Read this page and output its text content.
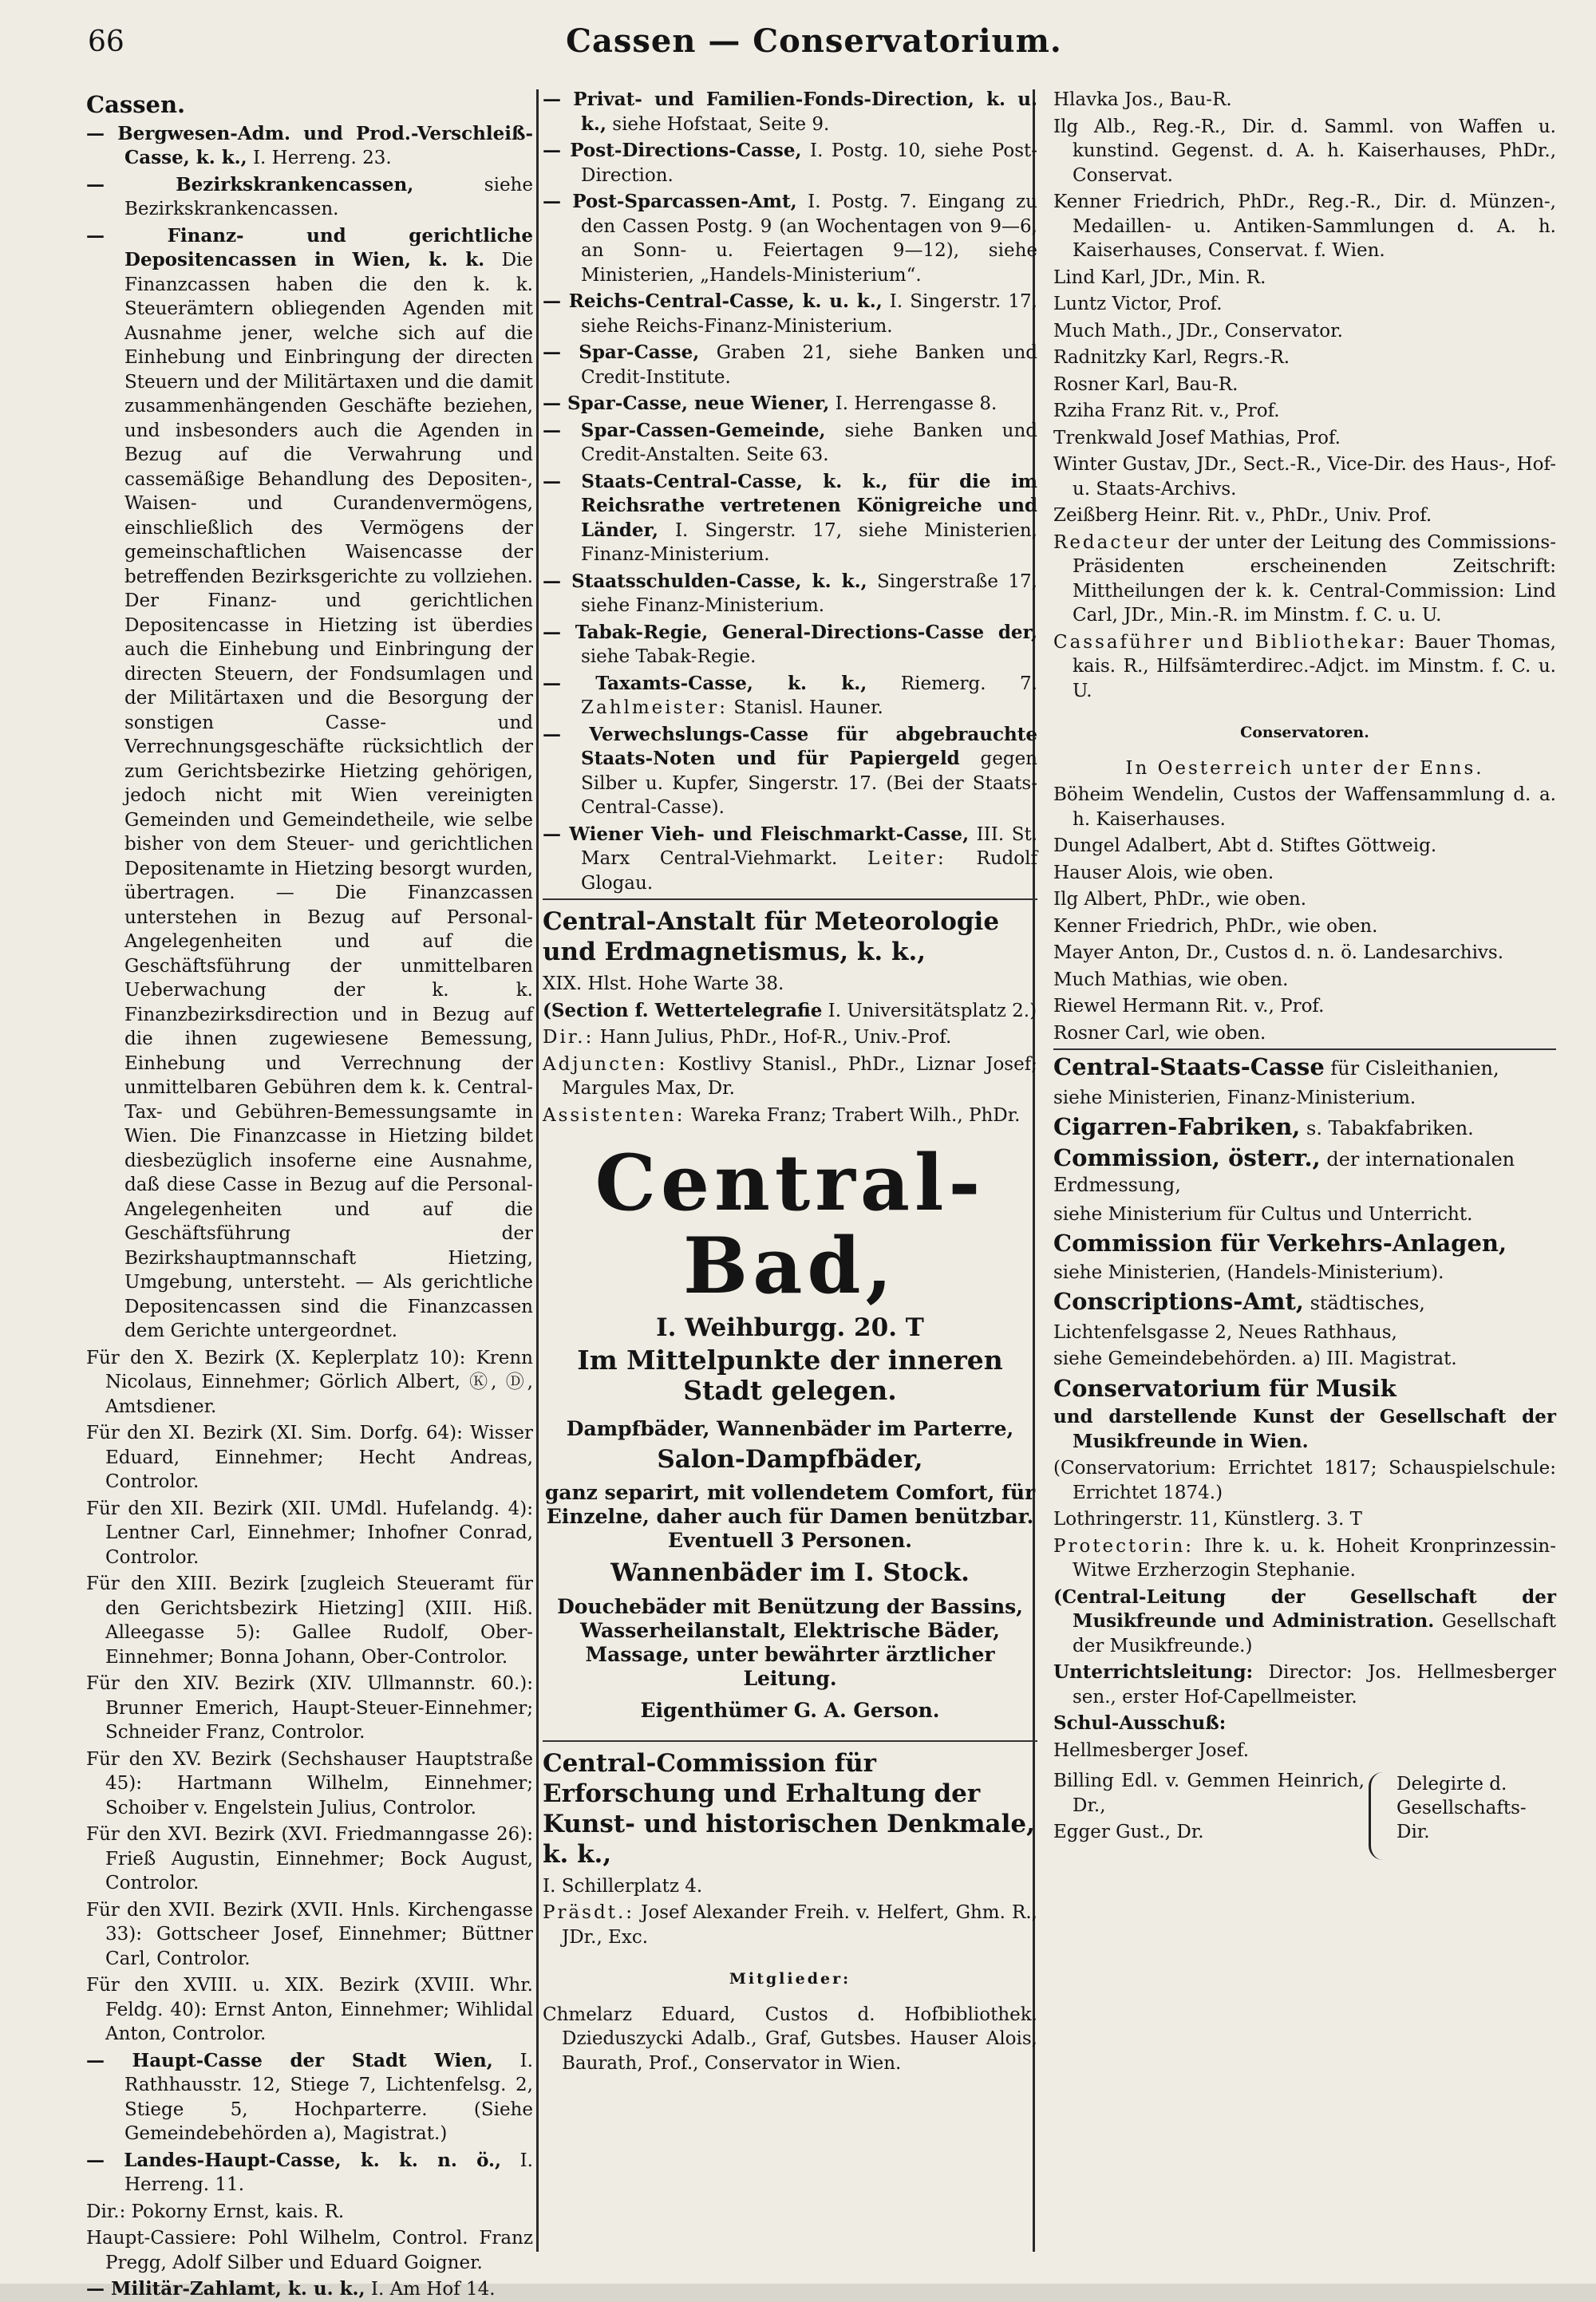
66	Cassen — Conservatorium.
Cassen.

— Bergwesen-Adm. und Prod.-Verschleiß-Casse, k. k., I. Herreng. 23.

— Bezirkskrankencassen, siehe Bezirkskrankencassen.

— Finanz- und gerichtliche Depositencassen in Wien, k. k. Die Finanzcassen haben die den k. k. Steuerämtern obliegenden Agenden mit Ausnahme jener, welche sich auf die Einhebung und Einbringung der directen Steuern und der Militärtaxen und die damit zusammenhängenden Geschäfte beziehen, und insbesonders auch die Agenden in Bezug auf die Verwahrung und cassemäßige Behandlung des Depositen-, Waisen- und Curandenvermögens, einschließlich des Vermögens der gemeinschaftlichen Waisencasse der betreffenden Bezirksgerichte zu vollziehen. Der Finanz- und gerichtlichen Depositencasse in Hietzing ist überdies auch die Einhebung und Einbringung der directen Steuern, der Fondsumlagen und der Militärtaxen und die Besorgung der sonstigen Casse- und Verrechnungsgeschäfte rücksichtlich der zum Gerichtsbezirke Hietzing gehörigen, jedoch nicht mit Wien vereinigten Gemeinden und Gemeindetheile, wie selbe bisher von dem Steuer- und gerichtlichen Depositenamte in Hietzing besorgt wurden, übertragen. — Die Finanzcassen unterstehen in Bezug auf Personal-Angelegenheiten und auf die Geschäftsführung der unmittelbaren Ueberwachung der k. k. Finanzbezirksdirection und in Bezug auf die ihnen zugewiesene Bemessung, Einhebung und Verrechnung der unmittelbaren Gebühren dem k. k. Central-Tax- und Gebühren-Bemessungsamte in Wien. Die Finanzcasse in Hietzing bildet diesbezüglich insoferne eine Ausnahme, daß diese Casse in Bezug auf die Personal-Angelegenheiten und auf die Geschäftsführung der Bezirkshauptmannschaft Hietzing, Umgebung, untersteht. — Als gerichtliche Depositencassen sind die Finanzcassen dem Gerichte untergeordnet.

Für den X. Bezirk (X. Keplerplatz 10): Krenn Nicolaus, Einnehmer; Görlich Albert, Ⓚ, Ⓓ, Amtsdiener.

Für den XI. Bezirk (XI. Sim. Dorfg. 64): Wisser Eduard, Einnehmer; Hecht Andreas, Controlor.

Für den XII. Bezirk (XII. UMdl. Hufelandg. 4): Lentner Carl, Einnehmer; Inhofner Conrad, Controlor.

Für den XIII. Bezirk [zugleich Steueramt für den Gerichtsbezirk Hietzing] (XIII. Hiß. Alleegasse 5): Gallee Rudolf, Ober-Einnehmer; Bonna Johann, Ober-Controlor.

Für den XIV. Bezirk (XIV. Ullmannstr. 60.): Brunner Emerich, Haupt-Steuer-Einnehmer; Schneider Franz, Controlor.

Für den XV. Bezirk (Sechshauser Hauptstraße 45): Hartmann Wilhelm, Einnehmer; Schoiber v. Engelstein Julius, Controlor.

Für den XVI. Bezirk (XVI. Friedmanngasse 26): Frieß Augustin, Einnehmer; Bock August, Controlor.

Für den XVII. Bezirk (XVII. Hnls. Kirchengasse 33): Gottscheer Josef, Einnehmer; Büttner Carl, Controlor.

Für den XVIII. u. XIX. Bezirk (XVIII. Whr. Feldg. 40): Ernst Anton, Einnehmer; Wihlidal Anton, Controlor.

— Haupt-Casse der Stadt Wien, I. Rathhausstr. 12, Stiege 7, Lichtenfelsg. 2, Stiege 5, Hochparterre. (Siehe Gemeindebehörden a), Magistrat.)

— Landes-Haupt-Casse, k. k. n. ö., I. Herreng. 11.

Dir.: Pokorny Ernst, kais. R.

Haupt-Cassiere: Pohl Wilhelm, Control. Franz Pregg, Adolf Silber und Eduard Goigner.

— Militär-Zahlamt, k. u. k., I. Am Hof 14.

— Privat- und Familien-Fonds-Direction, k. u. k., siehe Hofstaat, Seite 9.

— Post-Directions-Casse, I. Postg. 10, siehe Post-Direction.

— Post-Sparcassen-Amt, I. Postg. 7. Eingang zu den Cassen Postg. 9 (an Wochentagen von 9—6, an Sonn- u. Feiertagen 9—12), siehe Ministerien, „Handels-Ministerium“.

— Reichs-Central-Casse, k. u. k., I. Singerstr. 17, siehe Reichs-Finanz-Ministerium.

— Spar-Casse, Graben 21, siehe Banken und Credit-Institute.

— Spar-Casse, neue Wiener, I. Herrengasse 8.

— Spar-Cassen-Gemeinde, siehe Banken und Credit-Anstalten. Seite 63.

— Staats-Central-Casse, k. k., für die im Reichsrathe vertretenen Königreiche und Länder, I. Singerstr. 17, siehe Ministerien, Finanz-Ministerium.

— Staatsschulden-Casse, k. k., Singerstraße 17, siehe Finanz-Ministerium.

— Tabak-Regie, General-Directions-Casse der, siehe Tabak-Regie.

— Taxamts-Casse, k. k., Riemerg. 7. Zahlmeister: Stanisl. Hauner.

— Verwechslungs-Casse für abgebrauchte Staats-Noten und für Papiergeld gegen Silber u. Kupfer, Singerstr. 17. (Bei der Staats-Central-Casse).

— Wiener Vieh- und Fleischmarkt-Casse, III. St. Marx Central-Viehmarkt. Leiter: Rudolf Glogau.

Central-Anstalt für Meteorologie und Erdmagnetismus, k. k.,

XIX. Hlst. Hohe Warte 38.

(Section f. Wettertelegrafie I. Universitätsplatz 2.)

Dir.: Hann Julius, PhDr., Hof-R., Univ.-Prof.

Adjuncten: Kostlivy Stanisl., PhDr., Liznar Josef; Margules Max, Dr.

Assistenten: Wareka Franz; Trabert Wilh., PhDr.

Central-Bad,
I. Weihburgg. 20. T
Im Mittelpunkte der inneren Stadt gelegen.
Dampfbäder, Wannenbäder im Parterre,
Salon-Dampfbäder,
ganz separirt, mit vollendetem Comfort, für Einzelne, daher auch für Damen benützbar. Eventuell 3 Personen.
Wannenbäder im I. Stock.
Douchebäder mit Benützung der Bassins, Wasserheilanstalt, Elektrische Bäder, Massage, unter bewährter ärztlicher Leitung.
Eigenthümer G. A. Gerson.
Central-Commission für Erforschung und Erhaltung der Kunst- und historischen Denkmale, k. k.,

I. Schillerplatz 4.

Präsdt.: Josef Alexander Freih. v. Helfert, Ghm. R., JDr., Exc.

Mitglieder:

Chmelarz Eduard, Custos d. Hofbibliothek. Dzieduszycki Adalb., Graf, Gutsbes. Hauser Alois, Baurath, Prof., Conservator in Wien.

Hlavka Jos., Bau-R.

Ilg Alb., Reg.-R., Dir. d. Samml. von Waffen u. kunstind. Gegenst. d. A. h. Kaiserhauses, PhDr., Conservat.

Kenner Friedrich, PhDr., Reg.-R., Dir. d. Münzen-, Medaillen- u. Antiken-Sammlungen d. A. h. Kaiserhauses, Conservat. f. Wien.

Lind Karl, JDr., Min. R.

Luntz Victor, Prof.

Much Math., JDr., Conservator.

Radnitzky Karl, Regrs.-R.

Rosner Karl, Bau-R.

Rziha Franz Rit. v., Prof.

Trenkwald Josef Mathias, Prof.

Winter Gustav, JDr., Sect.-R., Vice-Dir. des Haus-, Hof- u. Staats-Archivs.

Zeißberg Heinr. Rit. v., PhDr., Univ. Prof.

Redacteur der unter der Leitung des Commissions-Präsidenten erscheinenden Zeitschrift: Mittheilungen der k. k. Central-Commission: Lind Carl, JDr., Min.-R. im Minstm. f. C. u. U.

Cassaführer und Bibliothekar: Bauer Thomas, kais. R., Hilfsämterdirec.-Adjct. im Minstm. f. C. u. U.

Conservatoren.

In Oesterreich unter der Enns.

Böheim Wendelin, Custos der Waffensammlung d. a. h. Kaiserhauses.

Dungel Adalbert, Abt d. Stiftes Göttweig.

Hauser Alois, wie oben.

Ilg Albert, PhDr., wie oben.

Kenner Friedrich, PhDr., wie oben.

Mayer Anton, Dr., Custos d. n. ö. Landesarchivs.

Much Mathias, wie oben.

Riewel Hermann Rit. v., Prof.

Rosner Carl, wie oben.

Central-Staats-Casse für Cisleithanien,

siehe Ministerien, Finanz-Ministerium.

Cigarren-Fabriken, s. Tabakfabriken.
Commission, österr., der internationalen Erdmessung,

siehe Ministerium für Cultus und Unterricht.

Commission für Verkehrs-Anlagen,

siehe Ministerien, (Handels-Ministerium).

Conscriptions-Amt, städtisches,

Lichtenfelsgasse 2, Neues Rathhaus,

siehe Gemeindebehörden. a) III. Magistrat.

Conservatorium für Musik

und darstellende Kunst der Gesellschaft der Musikfreunde in Wien.

(Conservatorium: Errichtet 1817; Schauspielschule: Errichtet 1874.)

Lothringerstr. 11, Künstlerg. 3. T

Protectorin: Ihre k. u. k. Hoheit Kronprinzessin-Witwe Erzherzogin Stephanie.

(Central-Leitung der Gesellschaft der Musikfreunde und Administration. Gesellschaft der Musikfreunde.)

Unterrichtsleitung: Director: Jos. Hellmesberger sen., erster Hof-Capellmeister.

Schul-Ausschuß:

Hellmesberger Josef.

Billing Edl. v. Gemmen Heinrich, Dr.,

Egger Gust., Dr.

Delegirte d. Gesellschafts-Dir.
